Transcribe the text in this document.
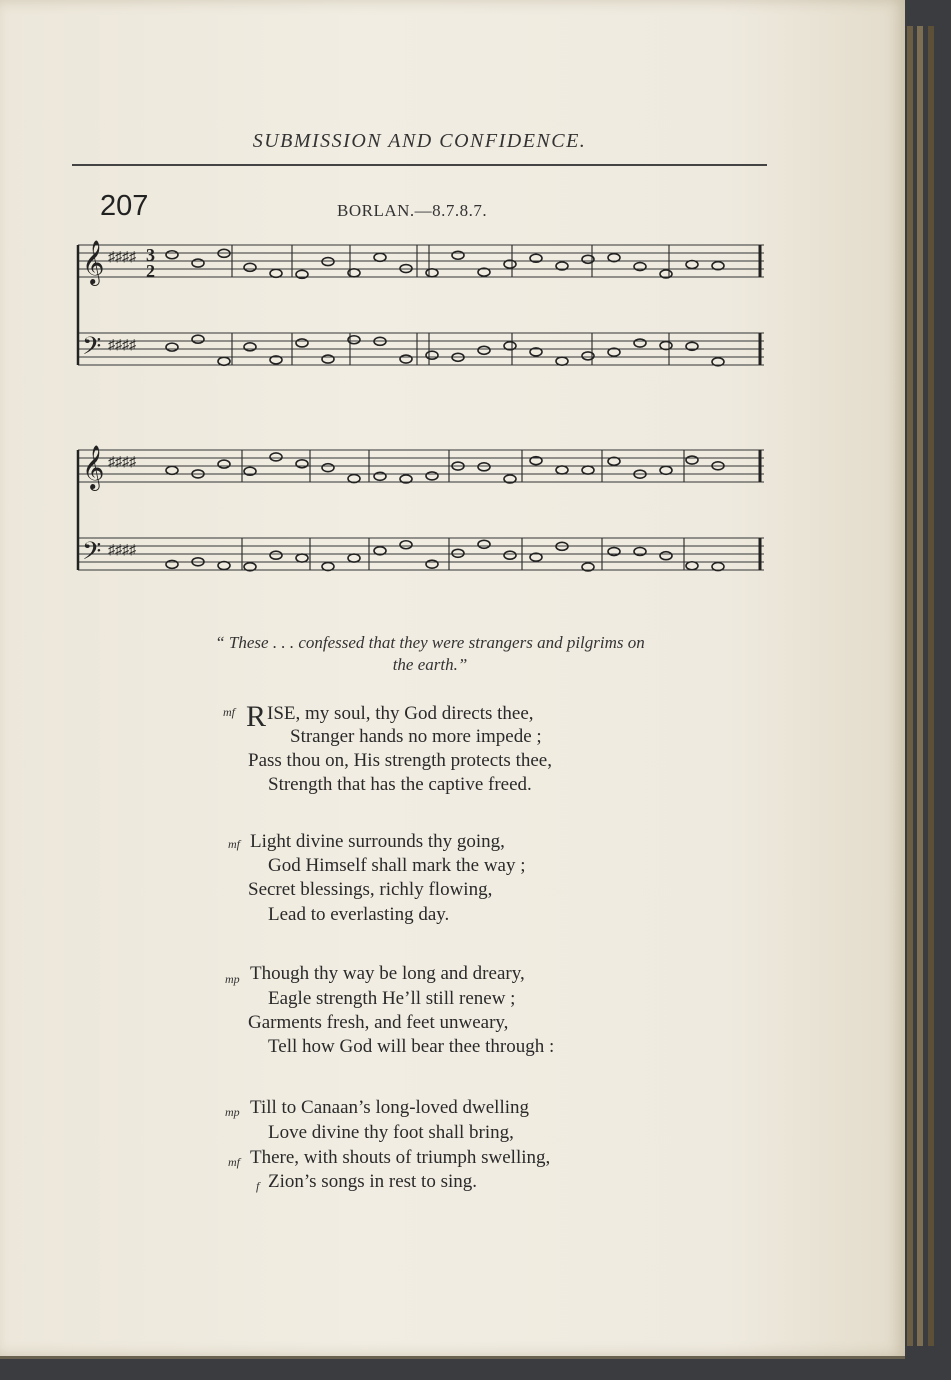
SUBMISSION AND CONFIDENCE.
207	BORLAN.—8.7.8.7.
𝄞
𝄢
♯♯♯♯
♯♯♯♯
𝄞
𝄢
♯♯♯♯
♯♯♯♯
3
2
“ These . . . confessed that they were strangers and pilgrims on
the earth.”
mf RISE, my soul, thy God directs thee,
Stranger hands no more impede ;
Pass thou on, His strength protects thee,
Strength that has the captive freed.
mf Light divine surrounds thy going,
God Himself shall mark the way ;
Secret blessings, richly flowing,
Lead to everlasting day.
mp Though thy way be long and dreary,
Eagle strength He’ll still renew ;
Garments fresh, and feet unweary,
Tell how God will bear thee through :
mp Till to Canaan’s long-loved dwelling
Love divine thy foot shall bring,
mf There, with shouts of triumph swelling,
f Zion’s songs in rest to sing.
